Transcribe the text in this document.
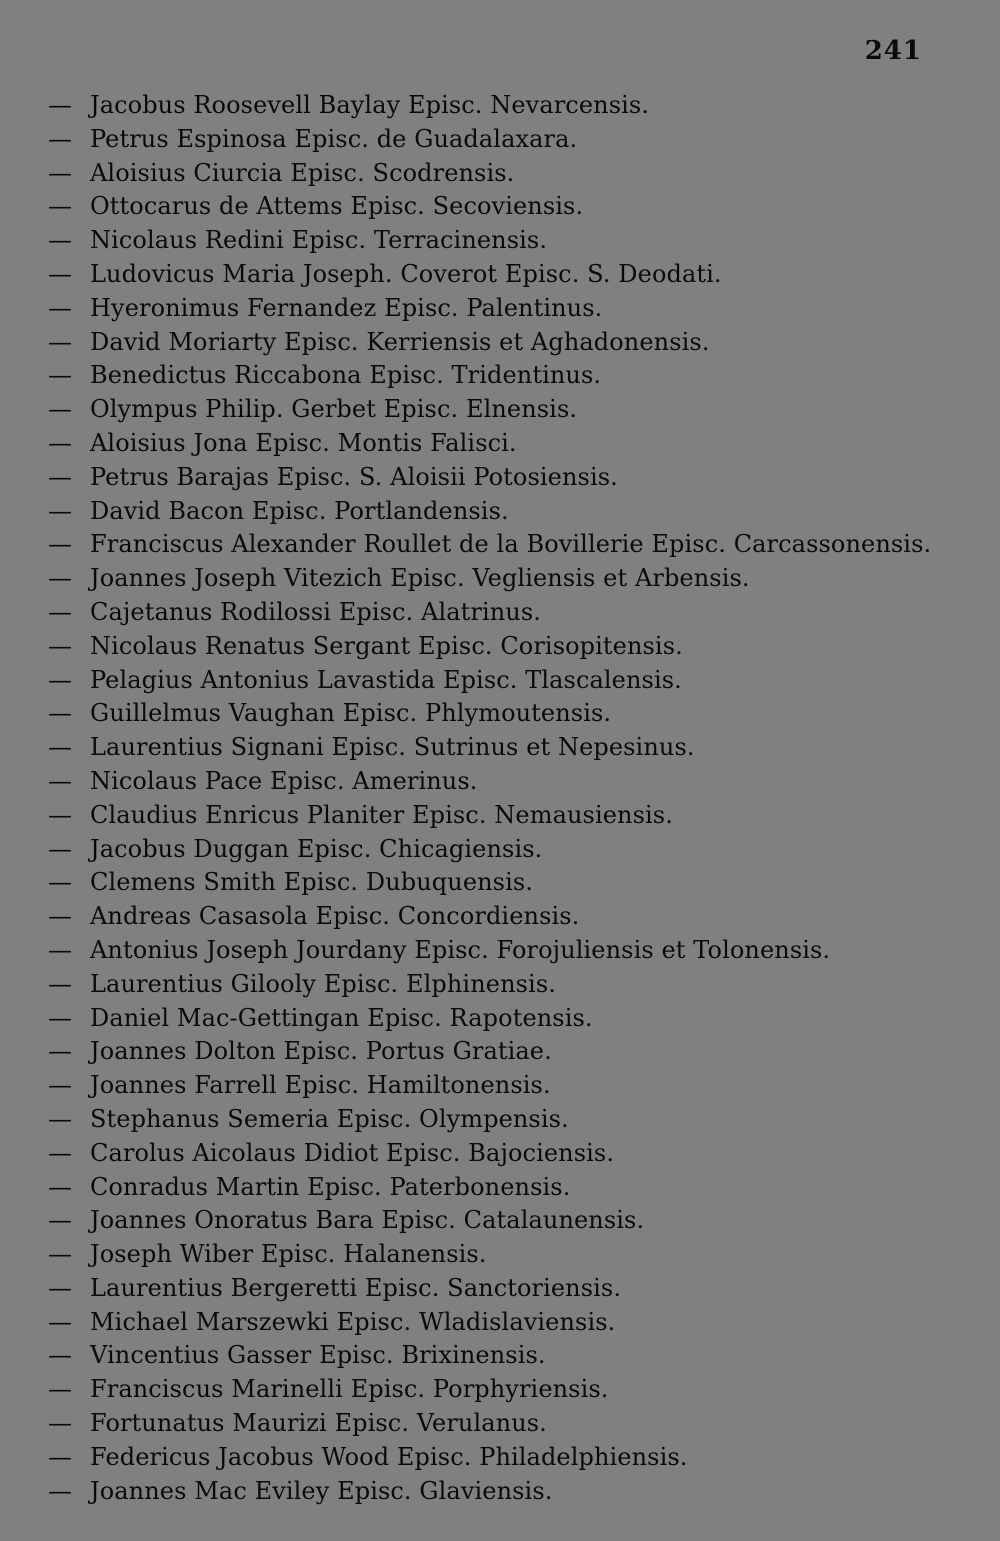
241
— Jacobus Roosevell Baylay Episc. Nevarcensis.
— Petrus Espinosa Episc. de Guadalaxara.
— Aloisius Ciurcia Episc. Scodrensis.
— Ottocarus de Attems Episc. Secoviensis.
— Nicolaus Redini Episc. Terracinensis.
— Ludovicus Maria Joseph. Coverot Episc. S. Deodati.
— Hyeronimus Fernandez Episc. Palentinus.
— David Moriarty Episc. Kerriensis et Aghadonensis.
— Benedictus Riccabona Episc. Tridentinus.
— Olympus Philip. Gerbet Episc. Elnensis.
— Aloisius Jona Episc. Montis Falisci.
— Petrus Barajas Episc. S. Aloisii Potosiensis.
— David Bacon Episc. Portlandensis.
— Franciscus Alexander Roullet de la Bovillerie Episc. Carcassonensis.
— Joannes Joseph Vitezich Episc. Vegliensis et Arbensis.
— Cajetanus Rodilossi Episc. Alatrinus.
— Nicolaus Renatus Sergant Episc. Corisopitensis.
— Pelagius Antonius Lavastida Episc. Tlascalensis.
— Guillelmus Vaughan Episc. Phlymoutensis.
— Laurentius Signani Episc. Sutrinus et Nepesinus.
— Nicolaus Pace Episc. Amerinus.
— Claudius Enricus Planiter Episc. Nemausiensis.
— Jacobus Duggan Episc. Chicagiensis.
— Clemens Smith Episc. Dubuquensis.
— Andreas Casasola Episc. Concordiensis.
— Antonius Joseph Jourdany Episc. Forojuliensis et Tolonensis.
— Laurentius Gilooly Episc. Elphinensis.
— Daniel Mac-Gettingan Episc. Rapotensis.
— Joannes Dolton Episc. Portus Gratiae.
— Joannes Farrell Episc. Hamiltonensis.
— Stephanus Semeria Episc. Olympensis.
— Carolus Aicolaus Didiot Episc. Bajociensis.
— Conradus Martin Episc. Paterbonensis.
— Joannes Onoratus Bara Episc. Catalaunensis.
— Joseph Wiber Episc. Halanensis.
— Laurentius Bergeretti Episc. Sanctoriensis.
— Michael Marszewki Episc. Wladislaviensis.
— Vincentius Gasser Episc. Brixinensis.
— Franciscus Marinelli Episc. Porphyriensis.
— Fortunatus Maurizi Episc. Verulanus.
— Federicus Jacobus Wood Episc. Philadelphiensis.
— Joannes Mac Eviley Episc. Glaviensis.
